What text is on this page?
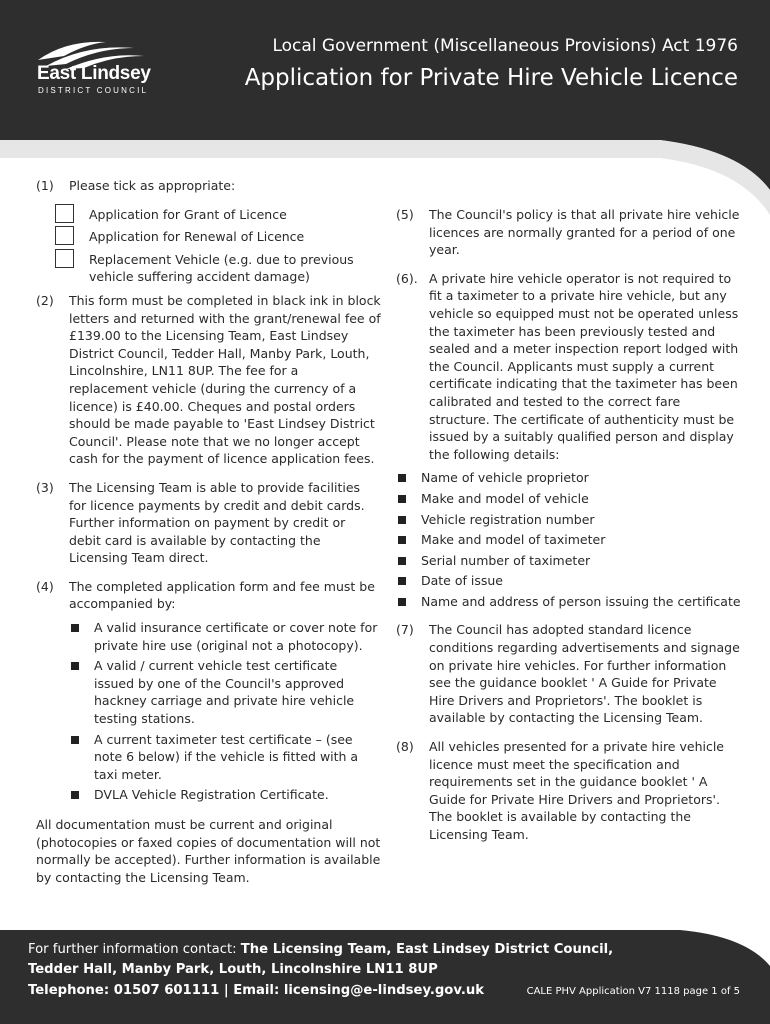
East Lindsey
DISTRICT COUNCIL
Local Government (Miscellaneous Provisions) Act 1976
Application for Private Hire Vehicle Licence
(1)	Please tick as appropriate:
Application for Grant of Licence
Application for Renewal of Licence
Replacement Vehicle (e.g. due to previous vehicle suffering accident damage)
(2)	This form must be completed in black ink in block letters and returned with the grant/renewal fee of £139.00 to the Licensing Team, East Lindsey District Council, Tedder Hall, Manby Park, Louth, Lincolnshire, LN11 8UP. The fee for a replacement vehicle (during the currency of a licence) is £40.00. Cheques and postal orders should be made payable to 'East Lindsey District Council'. Please note that we no longer accept cash for the payment of licence application fees.
(3)	The Licensing Team is able to provide facilities for licence payments by credit and debit cards. Further information on payment by credit or debit card is available by contacting the Licensing Team direct.
(4)	The completed application form and fee must be accompanied by:
A valid insurance certificate or cover note for private hire use (original not a photocopy).
A valid / current vehicle test certificate issued by one of the Council's approved hackney carriage and private hire vehicle testing stations.
A current taximeter test certificate – (see note 6 below) if the vehicle is fitted with a taxi meter.
DVLA Vehicle Registration Certificate.
All documentation must be current and original (photocopies or faxed copies of documentation will not normally be accepted). Further information is available by contacting the Licensing Team.
(5)	The Council's policy is that all private hire vehicle licences are normally granted for a period of one year.
(6). A private hire vehicle operator is not required to fit a taximeter to a private hire vehicle, but any vehicle so equipped must not be operated unless the taximeter has been previously tested and sealed and a meter inspection report lodged with the Council. Applicants must supply a current certificate indicating that the taximeter has been calibrated and tested to the correct fare structure. The certificate of authenticity must be issued by a suitably qualified person and display the following details:
Name of vehicle proprietor
Make and model of vehicle
Vehicle registration number
Make and model of taximeter
Serial number of taximeter
Date of issue
Name and address of person issuing the certificate
(7)	The Council has adopted standard licence conditions regarding advertisements and signage on private hire vehicles. For further information see the guidance booklet ' A Guide for Private Hire Drivers and Proprietors'. The booklet is available by contacting the Licensing Team.
(8)	All vehicles presented for a private hire vehicle licence must meet the specification and requirements set in the guidance booklet ' A Guide for Private Hire Drivers and Proprietors'. The booklet is available by contacting the Licensing Team.
For further information contact: The Licensing Team, East Lindsey District Council,
Tedder Hall, Manby Park, Louth, Lincolnshire LN11 8UP
Telephone: 01507 601111 | Email: licensing@e-lindsey.gov.uk	CALE PHV Application V7 1118 page 1 of 5
